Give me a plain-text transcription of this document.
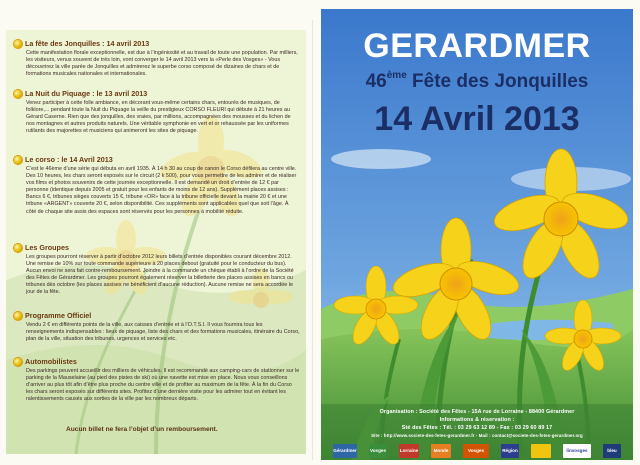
La fête des Jonquilles : 14 avril 2013
Cette manifestation florale exceptionnelle, est due à l’ingéniosité et au travail de toute une population. Par milliers, les visiteurs, venus souvent de très loin, vont converger le 14 avril 2013 vers la «Perle des Vosges» - Vous découvrirez la ville parée de Jonquilles et admirerez le superbe corso composé de dizaines de chars et de formations musicales nationales et internationales.
La Nuit du Piquage : le 13 avril 2013
Venez participer à cette folle ambiance, en décorant vous-même certains chars, entourés de musiques, de folklore,... pendant toute la Nuit du Piquage la veille du prestigieux CORSO FLEURI qui débute à 21 heures au Gérard Caserne. Rien que des jonquilles, des vraies, par millions, accompagnées des mousses et du lichen de nos montagnes et autres produits naturels. Une véritable symphonie en vert et or rehaussée par les uniformes rutilants des majorettes et musiciens qui animeront les sites de piquage.
Le corso : le 14 Avril 2013
C’est le 46ème d’une série qui débuta en avril 1935. À 14 h 30 au coup de canon le Corso défilera au centre ville. Des 10 heures, les chars seront exposés sur le circuit (2 k 500), pour vous permettre de les admirer et de réaliser vos films et photos souvenirs de cette journée exceptionnelle. Il est demandé un droit d’entrée de 12 € par personne (identique depuis 2005 et gratuit pour les enfants de moins de 12 ans). Supplément places assises : Bancs 6 €, tribunes sièges couverts 15 €, tribune «OR» face à la tribune officielle devant la mairie 20 € et une tribune «ARGENT» couverte 20 €, selon disponibilité. Ces suppléments sont applicables quel que soit l’âge. À côté de chaque site assis des espaces sont réservés pour les personnes à mobilité réduite.
Les Groupes
Les groupes pourront réserver à partir d’octobre 2012 leurs billets d’entrée disponibles courant décembre 2012. Une remise de 10% sur toute commande supérieure à 20 places debout (gratuité pour le conducteur du bus). Aucun envoi ne sera fait contre-remboursement. Joindre à la commande un chèque établi à l’ordre de la Société des Fêtes de Gérardmer. Les groupes pourront également réserver la billetterie des places assises en bancs ou tribunes dès octobre (les places assises ne bénéficient d’aucune réduction). Aucune remise ne sera accordée le jour de la fête.
Programme Officiel
Vendu 2 € en différents points de la ville, aux caisses d’entrée et à l’O.T.S.I. Il vous fournira tous les renseignements indispensables : lieux de piquage, liste des chars et des formations musicales, itinéraire du Corso, plan de la ville, situation des tribunes, urgences et services etc.
Automobilistes
Des parkings peuvent accueillir des milliers de véhicules. Il est recommandé aux camping-cars de stationner sur le parking de la Mauselaine (au pied des pistes de ski) où une navette est mise en place. Nous vous conseillons d’arriver au plus tôt afin d’être plus proche du centre ville et de profiter au maximum de la fête. À la fin du Corso les chars seront exposés sur différents sites. Profitez d’une dernière visite pour les admirer tout en évitant les ralentissements causés aux sorties de la ville par les nombreux départs.
Aucun billet ne fera l’objet d’un remboursement.
GERARDMER
46ème Fête des Jonquilles
14 Avril 2013
Organisation : Société des Fêtes - 15A rue de Lorraine - 88400 Gérardmer
Informations & réservation :
Sté des Fêtes : Tél. : 03 29 63 12 89 - Fax : 03 29 60 89 17
Site : http://www.societe-des-fetes-gerardmer.fr - Mail : contact@societe-des-fetes-gerardmer.org
Gérardmer	Vosges	Lorraine	Monde	Vosges	Région	linvosges	bleu
